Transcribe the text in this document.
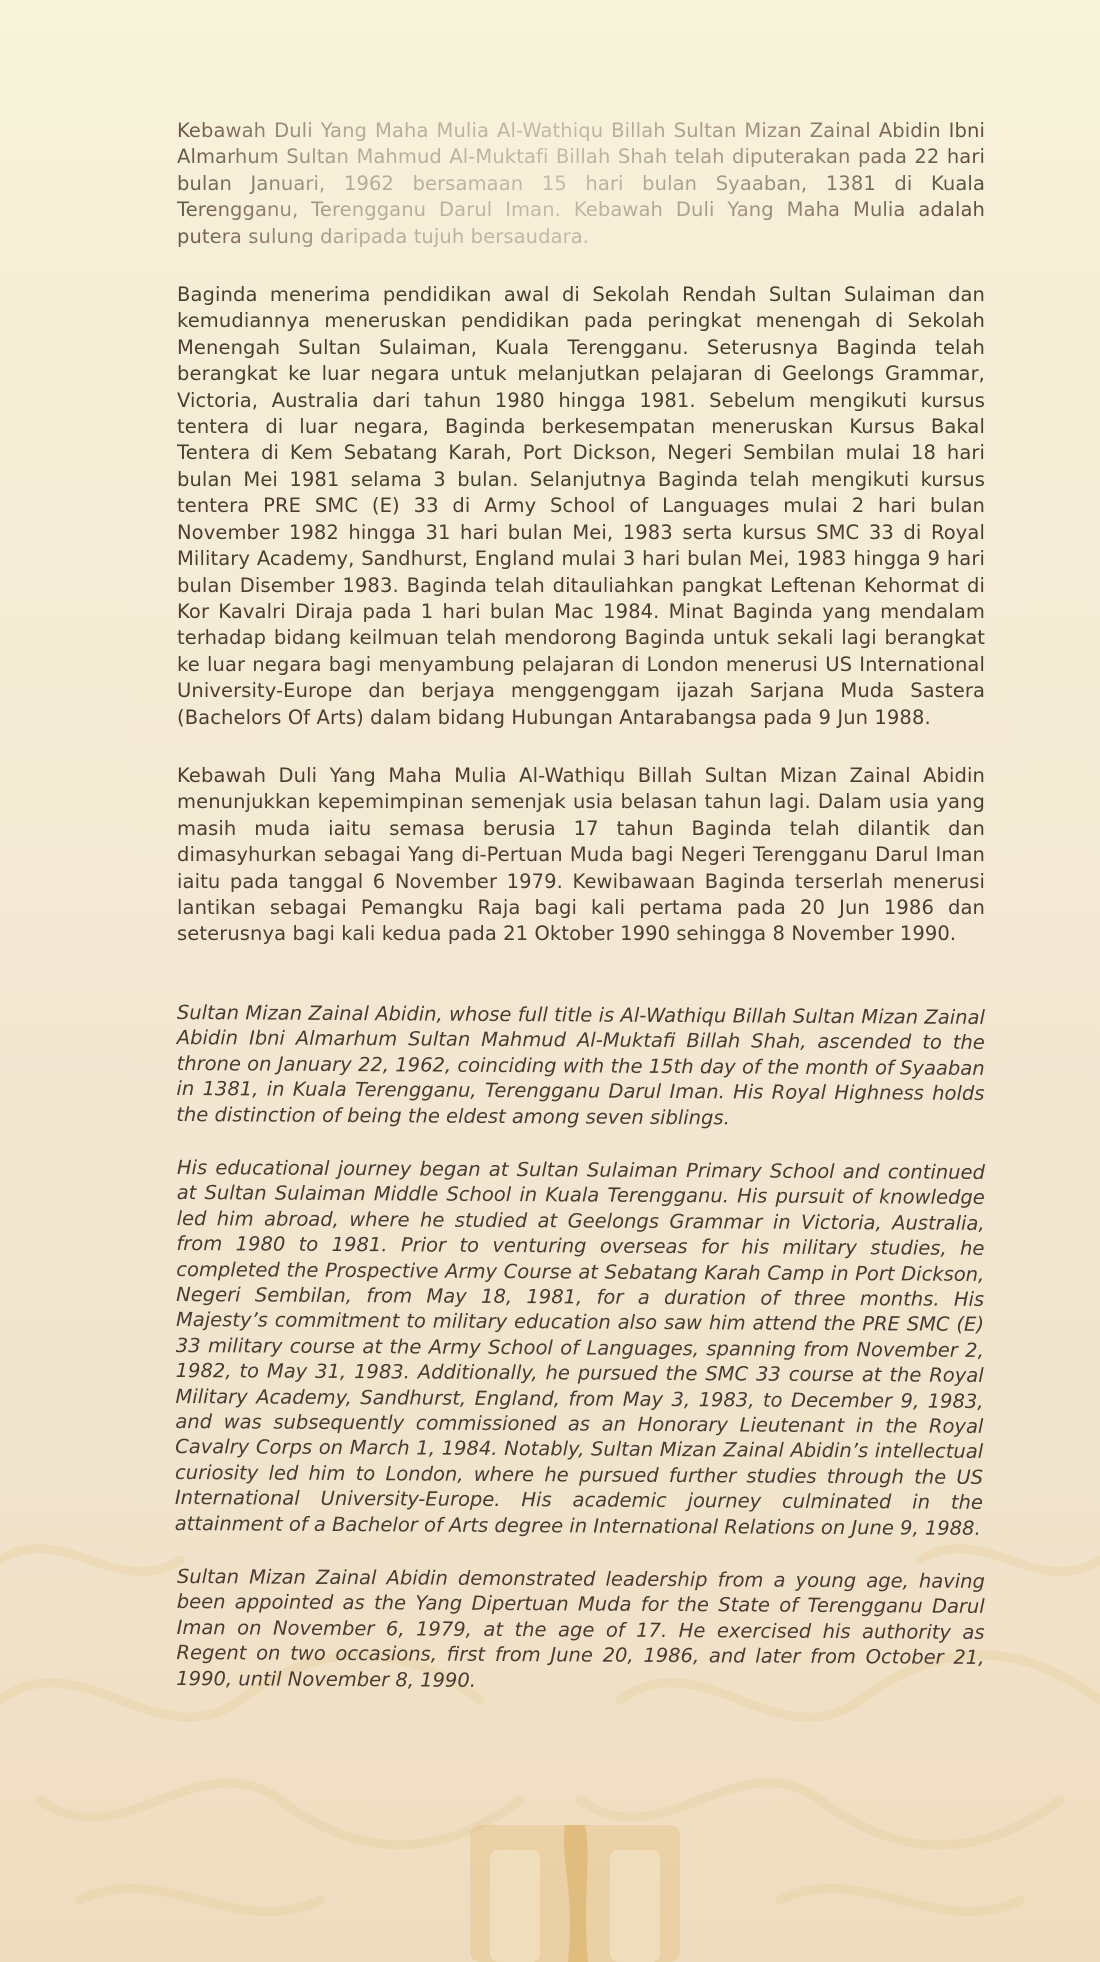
Kebawah Duli Yang Maha Mulia Al-Wathiqu Billah Sultan Mizan Zainal Abidin Ibni Almarhum Sultan Mahmud Al-Muktafi Billah Shah telah diputerakan pada 22 hari bulan Januari, 1962 bersamaan 15 hari bulan Syaaban, 1381 di Kuala Terengganu, Terengganu Darul Iman. Kebawah Duli Yang Maha Mulia adalah putera sulung daripada tujuh bersaudara.

Baginda menerima pendidikan awal di Sekolah Rendah Sultan Sulaiman dan kemudiannya meneruskan pendidikan pada peringkat menengah di Sekolah Menengah Sultan Sulaiman, Kuala Terengganu. Seterusnya Baginda telah berangkat ke luar negara untuk melanjutkan pelajaran di Geelongs Grammar, Victoria, Australia dari tahun 1980 hingga 1981. Sebelum mengikuti kursus tentera di luar negara, Baginda berkesempatan meneruskan Kursus Bakal Tentera di Kem Sebatang Karah, Port Dickson, Negeri Sembilan mulai 18 hari bulan Mei 1981 selama 3 bulan. Selanjutnya Baginda telah mengikuti kursus tentera PRE SMC (E) 33 di Army School of Languages mulai 2 hari bulan November 1982 hingga 31 hari bulan Mei, 1983 serta kursus SMC 33 di Royal Military Academy, Sandhurst, England mulai 3 hari bulan Mei, 1983 hingga 9 hari bulan Disember 1983. Baginda telah ditauliahkan pangkat Leftenan Kehormat di Kor Kavalri Diraja pada 1 hari bulan Mac 1984. Minat Baginda yang mendalam terhadap bidang keilmuan telah mendorong Baginda untuk sekali lagi berangkat ke luar negara bagi menyambung pelajaran di London menerusi US International University-Europe dan berjaya menggenggam ijazah Sarjana Muda Sastera (Bachelors Of Arts) dalam bidang Hubungan Antarabangsa pada 9 Jun 1988.

Kebawah Duli Yang Maha Mulia Al-Wathiqu Billah Sultan Mizan Zainal Abidin menunjukkan kepemimpinan semenjak usia belasan tahun lagi. Dalam usia yang masih muda iaitu semasa berusia 17 tahun Baginda telah dilantik dan dimasyhurkan sebagai Yang di-Pertuan Muda bagi Negeri Terengganu Darul Iman iaitu pada tanggal 6 November 1979. Kewibawaan Baginda terserlah menerusi lantikan sebagai Pemangku Raja bagi kali pertama pada 20 Jun 1986 dan seterusnya bagi kali kedua pada 21 Oktober 1990 sehingga 8 November 1990.

Sultan Mizan Zainal Abidin, whose full title is Al-Wathiqu Billah Sultan Mizan Zainal Abidin Ibni Almarhum Sultan Mahmud Al-Muktafi Billah Shah, ascended to the throne on January 22, 1962, coinciding with the 15th day of the month of Syaaban in 1381, in Kuala Terengganu, Terengganu Darul Iman. His Royal Highness holds the distinction of being the eldest among seven siblings.

His educational journey began at Sultan Sulaiman Primary School and continued at Sultan Sulaiman Middle School in Kuala Terengganu. His pursuit of knowledge led him abroad, where he studied at Geelongs Grammar in Victoria, Australia, from 1980 to 1981. Prior to venturing overseas for his military studies, he completed the Prospective Army Course at Sebatang Karah Camp in Port Dickson, Negeri Sembilan, from May 18, 1981, for a duration of three months. His Majesty’s commitment to military education also saw him attend the PRE SMC (E) 33 military course at the Army School of Languages, spanning from November 2, 1982, to May 31, 1983. Additionally, he pursued the SMC 33 course at the Royal Military Academy, Sandhurst, England, from May 3, 1983, to December 9, 1983, and was subsequently commissioned as an Honorary Lieutenant in the Royal Cavalry Corps on March 1, 1984. Notably, Sultan Mizan Zainal Abidin’s intellectual curiosity led him to London, where he pursued further studies through the US International University-Europe. His academic journey culminated in the attainment of a Bachelor of Arts degree in International Relations on June 9, 1988.

Sultan Mizan Zainal Abidin demonstrated leadership from a young age, having been appointed as the Yang Dipertuan Muda for the State of Terengganu Darul Iman on November 6, 1979, at the age of 17. He exercised his authority as Regent on two occasions, first from June 20, 1986, and later from October 21, 1990, until November 8, 1990.
